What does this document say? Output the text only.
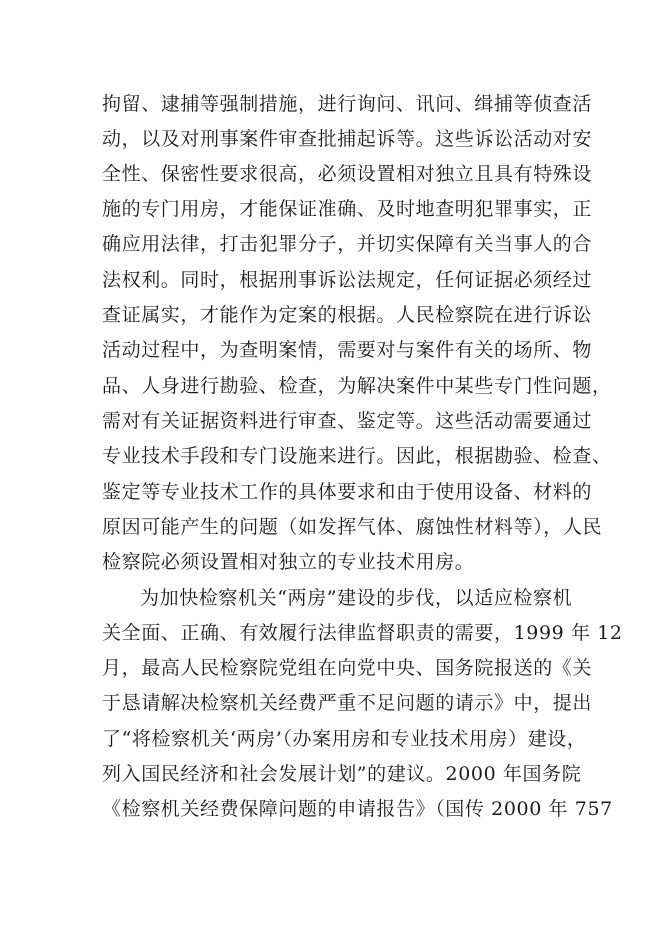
拘留、逮捕等强制措施，进行询问、讯问、缉捕等侦查活
动，以及对刑事案件审查批捕起诉等。这些诉讼活动对安
全性、保密性要求很高，必须设置相对独立且具有特殊设
施的专门用房，才能保证准确、及时地查明犯罪事实，正
确应用法律，打击犯罪分子，并切实保障有关当事人的合
法权利。同时，根据刑事诉讼法规定，任何证据必须经过
查证属实，才能作为定案的根据。人民检察院在进行诉讼
活动过程中，为查明案情，需要对与案件有关的场所、物
品、人身进行勘验、检查，为解决案件中某些专门性问题，
需对有关证据资料进行审查、鉴定等。这些活动需要通过
专业技术手段和专门设施来进行。因此，根据勘验、检查、
鉴定等专业技术工作的具体要求和由于使用设备、材料的
原因可能产生的问题（如发挥气体、腐蚀性材料等），人民
检察院必须设置相对独立的专业技术用房。
为加快检察机关“两房”建设的步伐，以适应检察机
关全面、正确、有效履行法律监督职责的需要，1999 年 12
月，最高人民检察院党组在向党中央、国务院报送的《关
于恳请解决检察机关经费严重不足问题的请示》中，提出
了“将检察机关‘两房’（办案用房和专业技术用房）建设，
列入国民经济和社会发展计划”的建议。2000 年国务院
《检察机关经费保障问题的申请报告》（国传 2000 年 757
